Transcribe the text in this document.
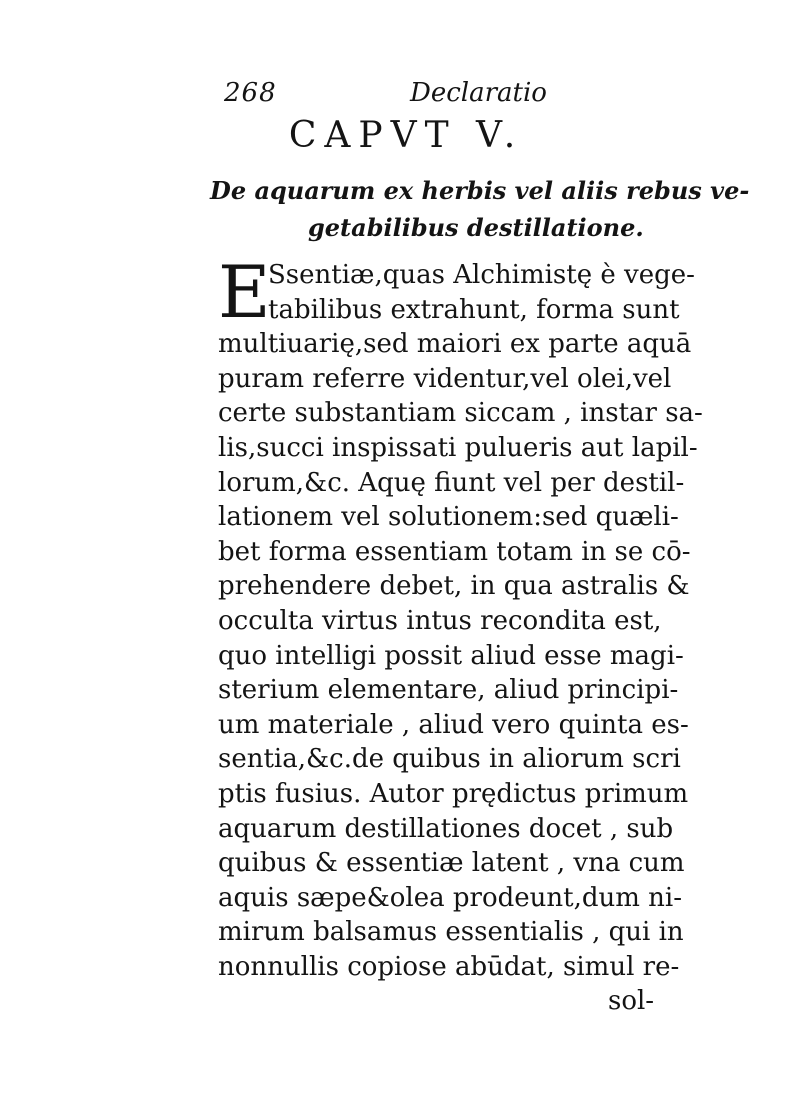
268	Declaratio
CAPVT V.
De aquarum ex herbis vel aliis rebus ve-
getabilibus destillatione.
E
Ssentiæ,quas Alchimistę è vege-
tabilibus extrahunt, forma sunt
multiuarię,sed maiori ex parte aquā
puram referre videntur,vel olei,vel
certe substantiam siccam , instar sa-
lis,succi inspissati pulueris aut lapil-
lorum,&c. Aquę fiunt vel per destil-
lationem vel solutionem:sed quæli-
bet forma essentiam totam in se cō-
prehendere debet, in qua astralis &
occulta virtus intus recondita est,
quo intelligi possit aliud esse magi-
sterium elementare, aliud principi-
um materiale , aliud vero quinta es-
sentia,&c.de quibus in aliorum scri
ptis fusius. Autor prędictus primum
aquarum destillationes docet , sub
quibus & essentiæ latent , vna cum
aquis sæpe&olea prodeunt,dum ni-
mirum balsamus essentialis , qui in
nonnullis copiose abūdat, simul re-
sol-
